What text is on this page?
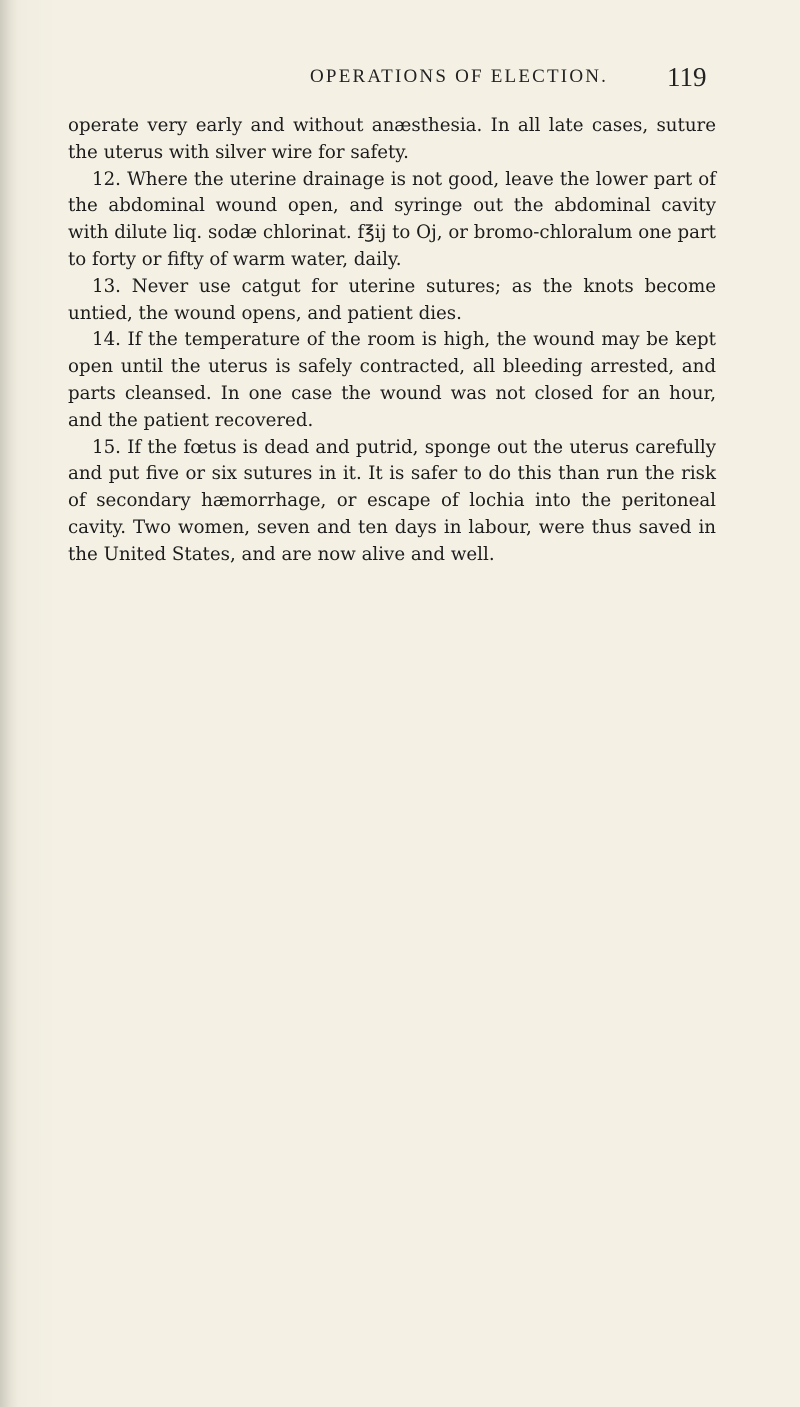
OPERATIONS OF ELECTION. 119

operate very early and without anæsthesia. In all late cases, suture the uterus with silver wire for safety.

12. Where the uterine drainage is not good, leave the lower part of the abdominal wound open, and syringe out the abdominal cavity with dilute liq. sodæ chlorinat. f℥ij to Oj, or bromo-chloralum one part to forty or fifty of warm water, daily.

13. Never use catgut for uterine sutures; as the knots become untied, the wound opens, and patient dies.

14. If the temperature of the room is high, the wound may be kept open until the uterus is safely contracted, all bleeding arrested, and parts cleansed. In one case the wound was not closed for an hour, and the patient recovered.

15. If the fœtus is dead and putrid, sponge out the uterus carefully and put five or six sutures in it. It is safer to do this than run the risk of secondary hæmorrhage, or escape of lochia into the peritoneal cavity. Two women, seven and ten days in labour, were thus saved in the United States, and are now alive and well.
